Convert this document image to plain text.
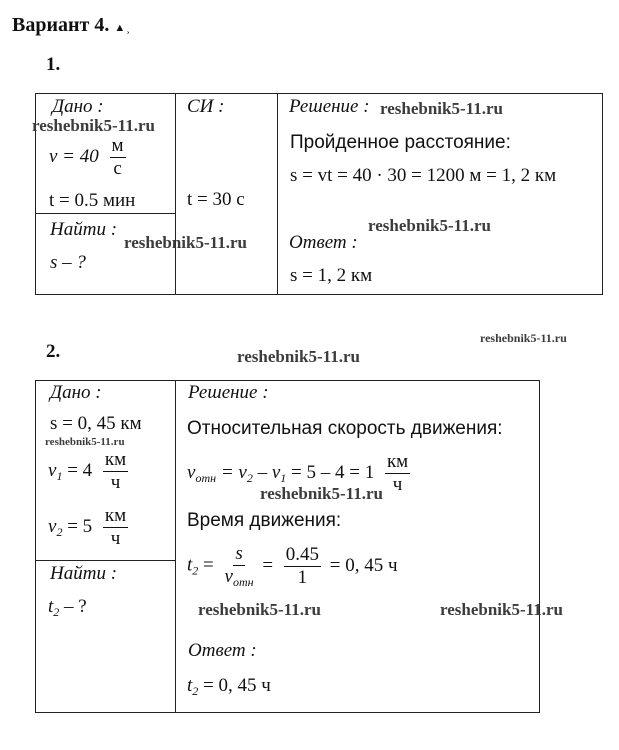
Вариант 4. ▲ ̧
1.
Дано :
$v = 40 \frac{м}{с}$
t = 0.5 мин
СИ :
t = 30 с
Найти :
s – ?
Решение :
Пройденное расстояние:
s = vt = 40 · 30 = 1200 м = 1, 2 км
Ответ :
s = 1, 2 км
2.
Дано :
s = 0, 45 км
$v_1 = 4 \frac{км}{ч}$
$v_2 = 5 \frac{км}{ч}$
Найти :
$t_2$ – ?
Решение :
Относительная скорость движения:
$v_{отн} = v_2 - v_1 = 5 - 4 = 1 \frac{км}{ч}$
Время движения:
$t_2 = \frac{s}{v_{отн}} = \frac{0.45}{1} = 0$, 45 ч
Ответ :
$t_2 = 0$, 45 ч
reshebnik5-11.ru
reshebnik5-11.ru
reshebnik5-11.ru
reshebnik5-11.ru
reshebnik5-11.ru
reshebnik5-11.ru
reshebnik5-11.ru
reshebnik5-11.ru
reshebnik5-11.ru	reshebnik5-11.ru
